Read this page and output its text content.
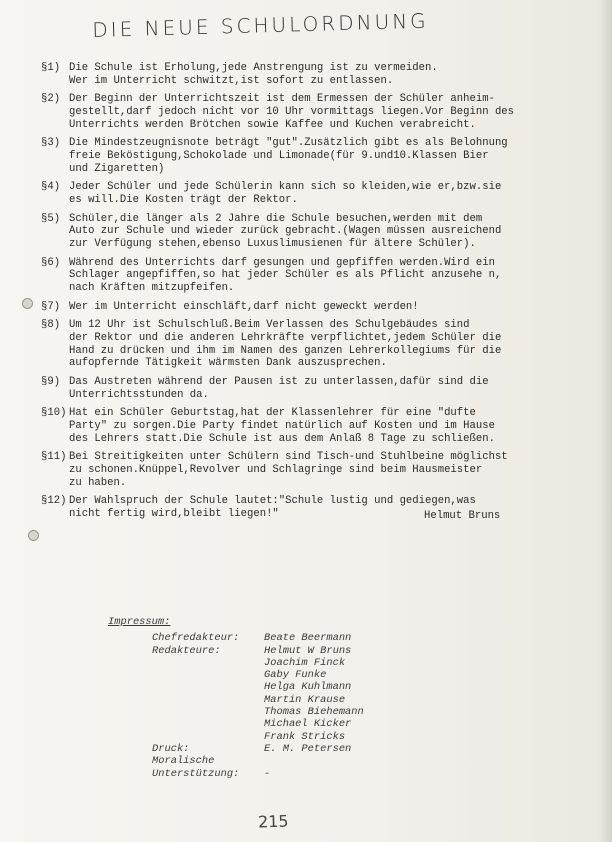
DIE NEUE SCHULORDNUNG
§1) Die Schule ist Erholung,jede Anstrengung ist zu vermeiden.
Wer im Unterricht schwitzt,ist sofort zu entlassen.
§2) Der Beginn der Unterrichtszeit ist dem Ermessen der Schüler anheim-
gestellt,darf jedoch nicht vor 10 Uhr vormittags liegen.Vor Beginn des
Unterrichts werden Brötchen sowie Kaffee und Kuchen verabreicht.
§3) Die Mindestzeugnisnote beträgt "gut".Zusätzlich gibt es als Belohnung
freie Beköstigung,Schokolade und Limonade(für 9.und10.Klassen Bier
und Zigaretten)
§4) Jeder Schüler und jede Schülerin kann sich so kleiden,wie er,bzw.sie
es will.Die Kosten trägt der Rektor.
§5) Schüler,die länger als 2 Jahre die Schule besuchen,werden mit dem
Auto zur Schule und wieder zurück gebracht.(Wagen müssen ausreichend
zur Verfügung stehen,ebenso Luxuslimusienen für ältere Schüler).
§6) Während des Unterrichts darf gesungen und gepfiffen werden.Wird ein
Schlager angepfiffen,so hat jeder Schüler es als Pflicht anzusehe n,
nach Kräften mitzupfeifen.
§7) Wer im Unterricht einschläft,darf nicht geweckt werden!
§8) Um 12 Uhr ist Schulschluß.Beim Verlassen des Schulgebäudes sind
der Rektor und die anderen Lehrkräfte verpflichtet,jedem Schüler die
Hand zu drücken und ihm im Namen des ganzen Lehrerkollegiums für die
aufopfernde Tätigkeit wärmsten Dank auszusprechen.
§9) Das Austreten während der Pausen ist zu unterlassen,dafür sind die
Unterrichtsstunden da.
§10) Hat ein Schüler Geburtstag,hat der Klassenlehrer für eine "dufte
Party" zu sorgen.Die Party findet natürlich auf Kosten und im Hause
des Lehrers statt.Die Schule ist aus dem Anlaß 8 Tage zu schließen.
§11) Bei Streitigkeiten unter Schülern sind Tisch-und Stuhlbeine möglichst
zu schonen.Knüppel,Revolver und Schlagringe sind beim Hausmeister
zu haben.
§12) Der Wahlspruch der Schule lautet:"Schule lustig und gediegen,was
nicht fertig wird,bleibt liegen!"	Helmut Bruns
Impressum:
Chefredakteur:	Beate Beermann
Redakteure:	Helmut W Bruns
Joachim Finck
Gaby Funke
Helga Kuhlmann
Martin Krause
Thomas Biehemann
Michael Kicker
Frank Stricks
Druck:	E. M. Petersen
Moralische
Unterstützung:	-
215
